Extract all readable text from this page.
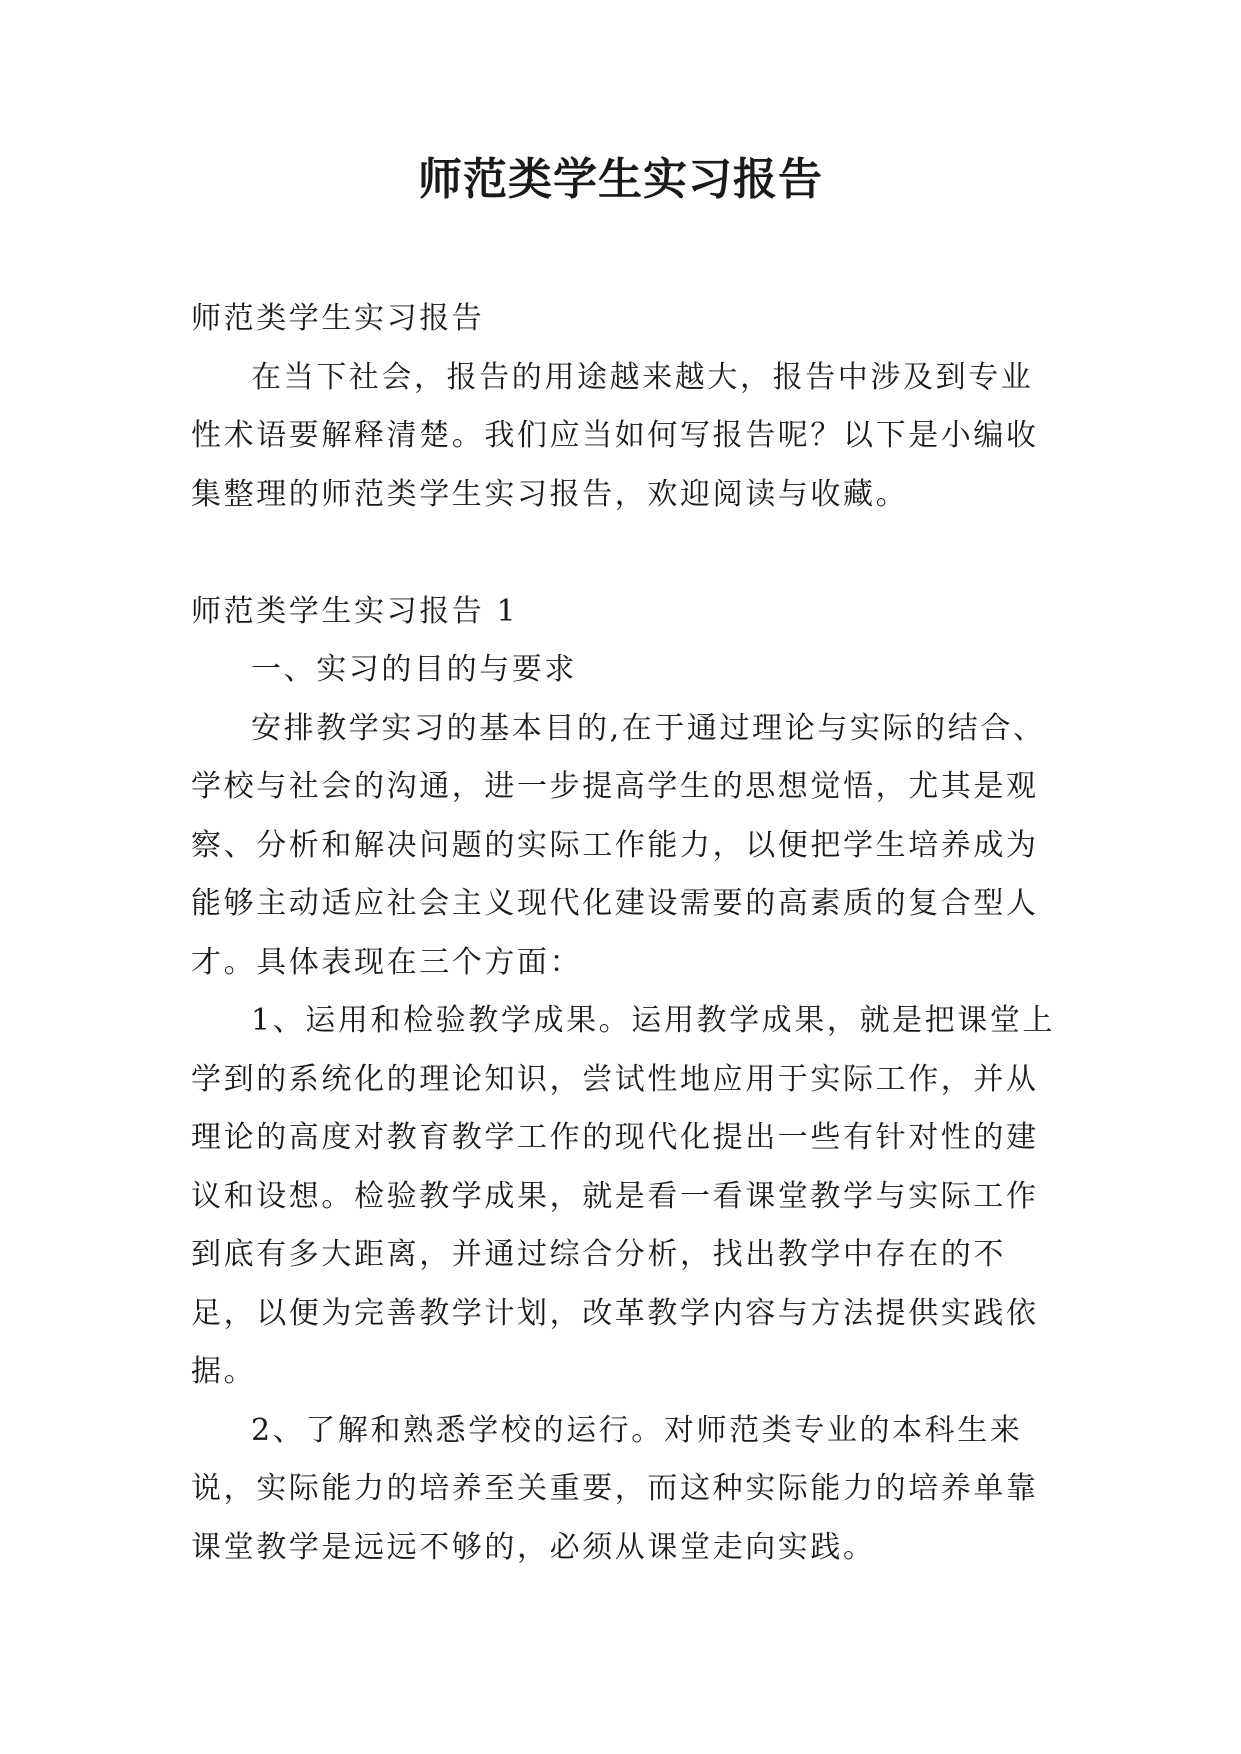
师范类学生实习报告

师范类学生实习报告

在当下社会，报告的用途越来越大，报告中涉及到专业性术语要解释清楚。我们应当如何写报告呢？以下是小编收集整理的师范类学生实习报告，欢迎阅读与收藏。

师范类学生实习报告 1

一、实习的目的与要求

安排教学实习的基本目的,在于通过理论与实际的结合、学校与社会的沟通，进一步提高学生的思想觉悟，尤其是观察、分析和解决问题的实际工作能力，以便把学生培养成为能够主动适应社会主义现代化建设需要的高素质的复合型人才。具体表现在三个方面：

1、运用和检验教学成果。运用教学成果，就是把课堂上学到的系统化的理论知识，尝试性地应用于实际工作，并从理论的高度对教育教学工作的现代化提出一些有针对性的建议和设想。检验教学成果，就是看一看课堂教学与实际工作到底有多大距离，并通过综合分析，找出教学中存在的不足，以便为完善教学计划，改革教学内容与方法提供实践依据。

2、了解和熟悉学校的运行。对师范类专业的本科生来说，实际能力的培养至关重要，而这种实际能力的培养单靠课堂教学是远远不够的，必须从课堂走向实践。
